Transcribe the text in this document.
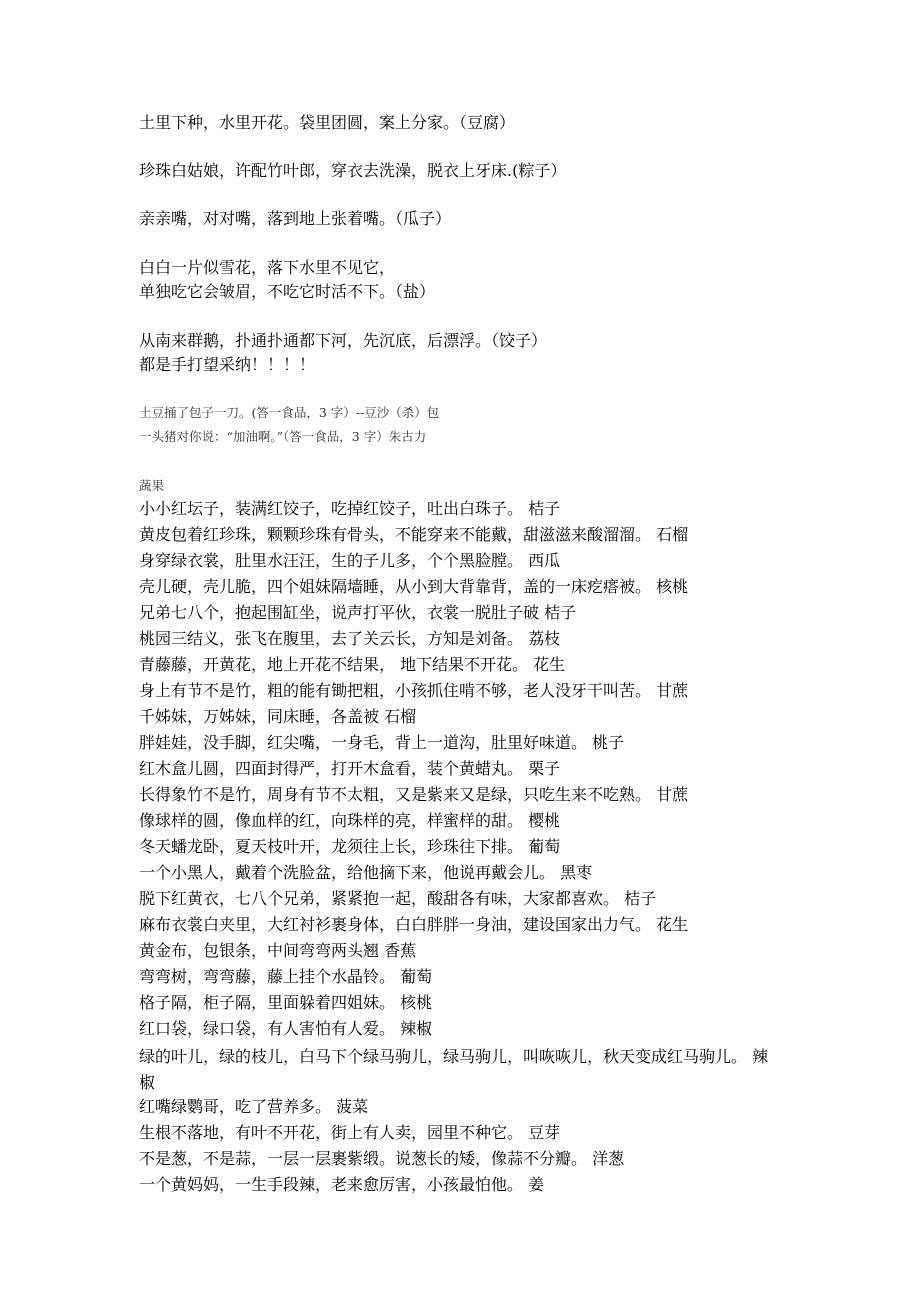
土里下种，水里开花。袋里团圆，案上分家。（豆腐）

珍珠白姑娘，许配竹叶郎，穿衣去洗澡，脱衣上牙床.(粽子）

亲亲嘴，对对嘴，落到地上张着嘴。（瓜子）

白白一片似雪花，落下水里不见它，

单独吃它会皱眉，不吃它时活不下。（盐）

从南来群鹅，扑通扑通都下河，先沉底，后漂浮。（饺子）

都是手打望采纳！！！！

土豆捅了包子一刀。(答一食品，3 字）--豆沙（杀）包

一头猪对你说：“加油啊。”（答一食品，3 字）朱古力

蔬果

小小红坛子，装满红饺子，吃掉红饺子，吐出白珠子。 桔子

黄皮包着红珍珠，颗颗珍珠有骨头，不能穿来不能戴，甜滋滋来酸溜溜。 石榴

身穿绿衣裳，肚里水汪汪，生的子儿多，个个黑脸膛。 西瓜

壳儿硬，壳儿脆，四个姐妹隔墙睡，从小到大背靠背，盖的一床疙瘩被。 核桃

兄弟七八个，抱起围缸坐，说声打平伙，衣裳一脱肚子破 桔子

桃园三结义，张飞在腹里，去了关云长，方知是刘备。 荔枝

青藤藤，开黄花，地上开花不结果， 地下结果不开花。 花生

身上有节不是竹，粗的能有锄把粗，小孩抓住啃不够，老人没牙干叫苦。 甘蔗

千姊妹，万姊妹，同床睡，各盖被 石榴

胖娃娃，没手脚，红尖嘴，一身毛，背上一道沟，肚里好味道。 桃子

红木盒儿圆，四面封得严，打开木盒看，装个黄蜡丸。 栗子

长得象竹不是竹，周身有节不太粗，又是紫来又是绿，只吃生来不吃熟。 甘蔗

像球样的圆，像血样的红，向珠样的亮，样蜜样的甜。 樱桃

冬天蟠龙卧，夏天枝叶开，龙须往上长，珍珠往下排。 葡萄

一个小黑人，戴着个洗脸盆，给他摘下来，他说再戴会儿。 黑枣

脱下红黄衣，七八个兄弟，紧紧抱一起，酸甜各有味，大家都喜欢。 桔子

麻布衣裳白夹里，大红衬衫裹身体，白白胖胖一身油，建设国家出力气。 花生

黄金布，包银条，中间弯弯两头翘 香蕉

弯弯树，弯弯藤，藤上挂个水晶铃。 葡萄

格子隔，柜子隔，里面躲着四姐妹。 核桃

红口袋，绿口袋，有人害怕有人爱。 辣椒

绿的叶儿，绿的枝儿，白马下个绿马驹儿，绿马驹儿，叫咴咴儿，秋天变成红马驹儿。 辣椒

红嘴绿鹦哥，吃了营养多。 菠菜

生根不落地，有叶不开花，街上有人卖，园里不种它。 豆芽

不是葱，不是蒜，一层一层裹紫缎。说葱长的矮，像蒜不分瓣。 洋葱

一个黄妈妈，一生手段辣，老来愈厉害，小孩最怕他。 姜
